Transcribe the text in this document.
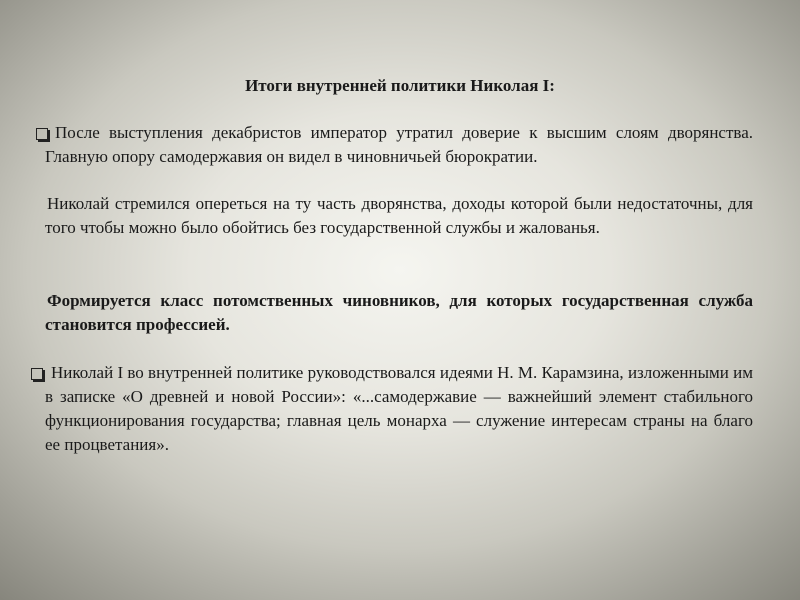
Итоги внутренней политики Николая I:
После выступления декабристов император утратил доверие к высшим слоям дворянства. Главную опору самодержавия он видел в чиновничьей бюрократии.
Николай стремился опереться на ту часть дворянства, доходы которой были недостаточны, для того чтобы можно было обойтись без государственной службы и жалованья.
Формируется класс потомственных чиновников, для которых государственная служба становится профессией.
Николай I во внутренней политике руководствовался идеями Н. М. Карамзина, изложенными им в записке «О древней и новой России»: «...самодержавие — важнейший элемент стабильного функционирования государства; главная цель монарха — служение интересам страны на благо ее процветания».
